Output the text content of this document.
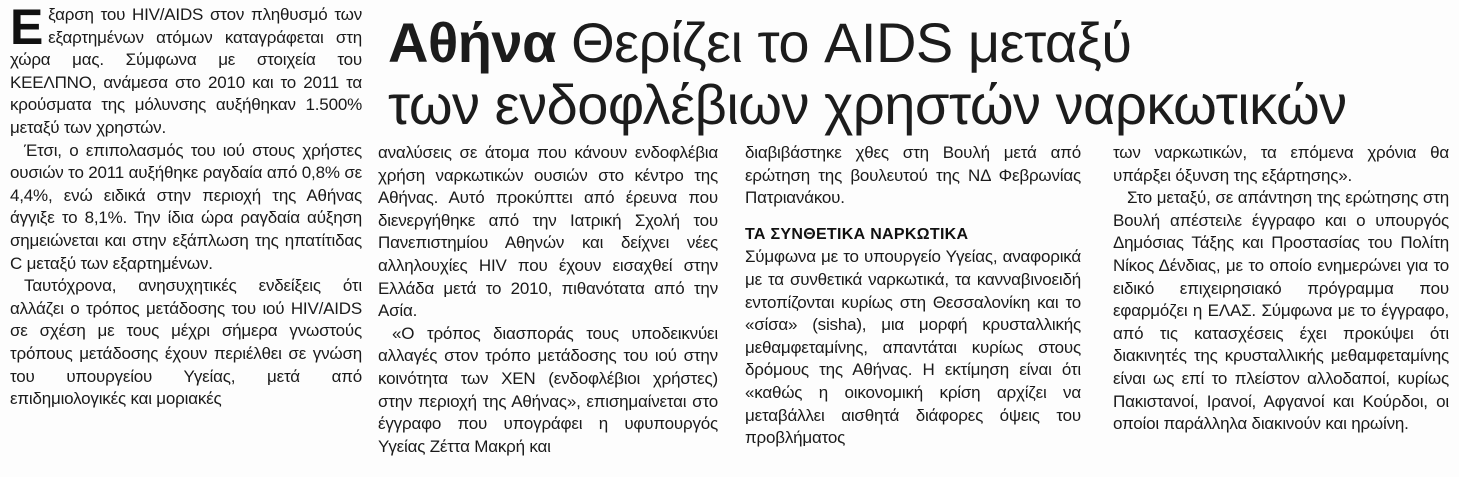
Αθήνα Θερίζει το AIDS μεταξύ
των ενδοφλέβιων χρηστών ναρκωτικών

Εξαρση του HIV/AIDS στον πληθυσμό των εξαρτημένων ατόμων καταγράφεται στη χώρα μας. Σύμφωνα με στοιχεία του ΚΕΕΛΠΝΟ, ανάμεσα στο 2010 και το 2011 τα κρούσματα της μόλυνσης αυξήθηκαν 1.500% μεταξύ των χρηστών.

Έτσι, ο επιπολασμός του ιού στους χρήστες ουσιών το 2011 αυξήθηκε ραγδαία από 0,8% σε 4,4%, ενώ ειδικά στην περιοχή της Αθήνας άγγιξε το 8,1%. Την ίδια ώρα ραγδαία αύξηση σημειώνεται και στην εξάπλωση της ηπατίτιδας C μεταξύ των εξαρτημένων.

Ταυτόχρονα, ανησυχητικές ενδείξεις ότι αλλάζει ο τρόπος μετάδοσης του ιού HIV/AIDS σε σχέση με τους μέχρι σήμερα γνωστούς τρόπους μετάδοσης έχουν περιέλθει σε γνώση του υπουργείου Υγείας, μετά από επιδημιολογικές και μοριακές

αναλύσεις σε άτομα που κάνουν ενδοφλέβια χρήση ναρκωτικών ουσιών στο κέντρο της Αθήνας. Αυτό προκύπτει από έρευνα που διενεργήθηκε από την Ιατρική Σχολή του Πανεπιστημίου Αθηνών και δείχνει νέες αλληλουχίες HIV που έχουν εισαχθεί στην Ελλάδα μετά το 2010, πιθανότατα από την Ασία.

«Ο τρόπος διασποράς τους υποδεικνύει αλλαγές στον τρόπο μετάδοσης του ιού στην κοινότητα των ΧΕΝ (ενδοφλέβιοι χρήστες) στην περιοχή της Αθήνας», επισημαίνεται στο έγγραφο που υπογράφει η υφυπουργός Υγείας Ζέττα Μακρή και

διαβιβάστηκε χθες στη Βουλή μετά από ερώτηση της βουλευτού της ΝΔ Φεβρωνίας Πατριανάκου.

ΤΑ ΣΥΝΘΕΤΙΚΑ ΝΑΡΚΩΤΙΚΑ

Σύμφωνα με το υπουργείο Υγείας, αναφορικά με τα συνθετικά ναρκωτικά, τα κανναβινοειδή εντοπίζονται κυρίως στη Θεσσαλονίκη και το «σίσα» (sisha), μια μορφή κρυσταλλικής μεθαμφεταμίνης, απαντάται κυρίως στους δρόμους της Αθήνας. Η εκτίμηση είναι ότι «καθώς η οικονομική κρίση αρχίζει να μεταβάλλει αισθητά διάφορες όψεις του προβλήματος

των ναρκωτικών, τα επόμενα χρόνια θα υπάρξει όξυνση της εξάρτησης».

Στο μεταξύ, σε απάντηση της ερώτησης στη Βουλή απέστειλε έγγραφο και ο υπουργός Δημόσιας Τάξης και Προστασίας του Πολίτη Νίκος Δένδιας, με το οποίο ενημερώνει για το ειδικό επιχειρησιακό πρόγραμμα που εφαρμόζει η ΕΛΑΣ. Σύμφωνα με το έγγραφο, από τις κατασχέσεις έχει προκύψει ότι διακινητές της κρυσταλλικής μεθαμφεταμίνης είναι ως επί το πλείστον αλλοδαποί, κυρίως Πακιστανοί, Ιρανοί, Αφγανοί και Κούρδοι, οι οποίοι παράλληλα διακινούν και ηρωίνη.
